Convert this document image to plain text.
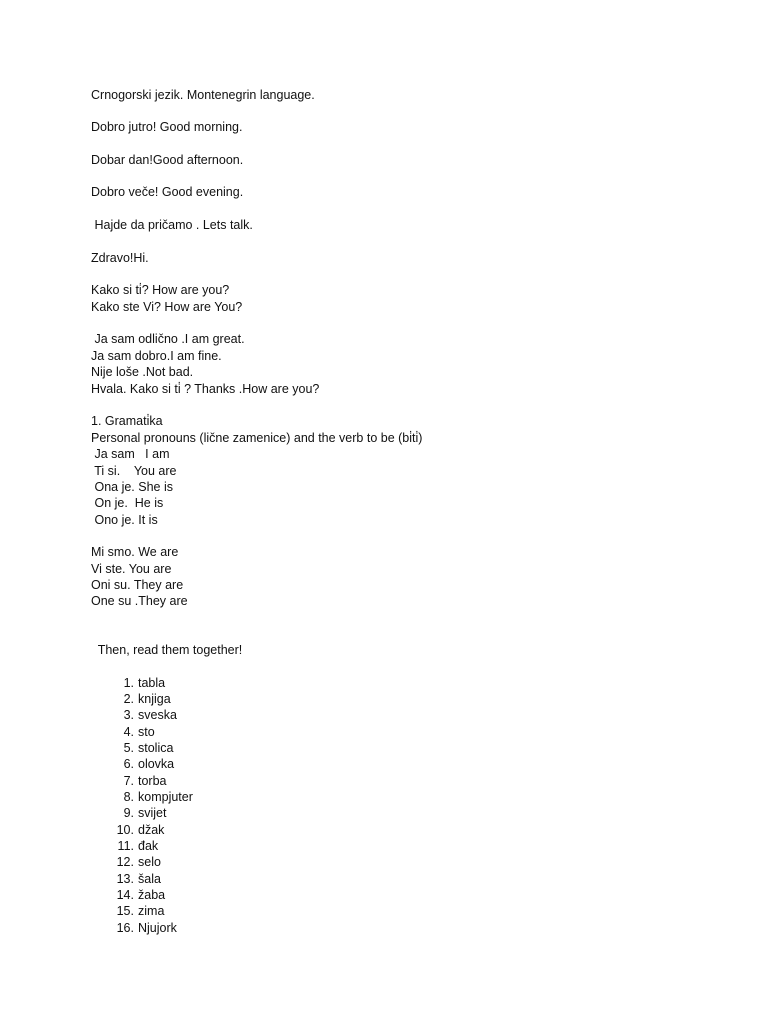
Crnogorski jezik. Montenegrin language.
Dobro jutro! Good morning.
Dobar dan!Good afternoon.
Dobro veče! Good evening.
Hajde da pričamo . Lets talk.
Zdravo!Hi.
Kako si ti̇? How are you?
Kako ste Vi? How are You?
Ja sam odlično .I am great.
Ja sam dobro.I am fine.
Nije loše .Not bad.
Hvala. Kako si ti̇ ? Thanks .How are you?
1. Gramati̇ka
Personal pronouns (lične zamenice) and the verb to be (bi̇ti̇)
Ja sam   I am
Ti si.    You are
Ona je. She is
On je.  He is
Ono je. It is
Mi smo. We are
Vi ste. You are
Oni su. They are
One su .They are
Then, read them together!
1. tabla
2. knjiga
3. sveska
4. sto
5. stolica
6. olovka
7. torba
8. kompjuter
9. svijet
10. džak
11. đak
12. selo
13. šala
14. žaba
15. zima
16. Njujork
